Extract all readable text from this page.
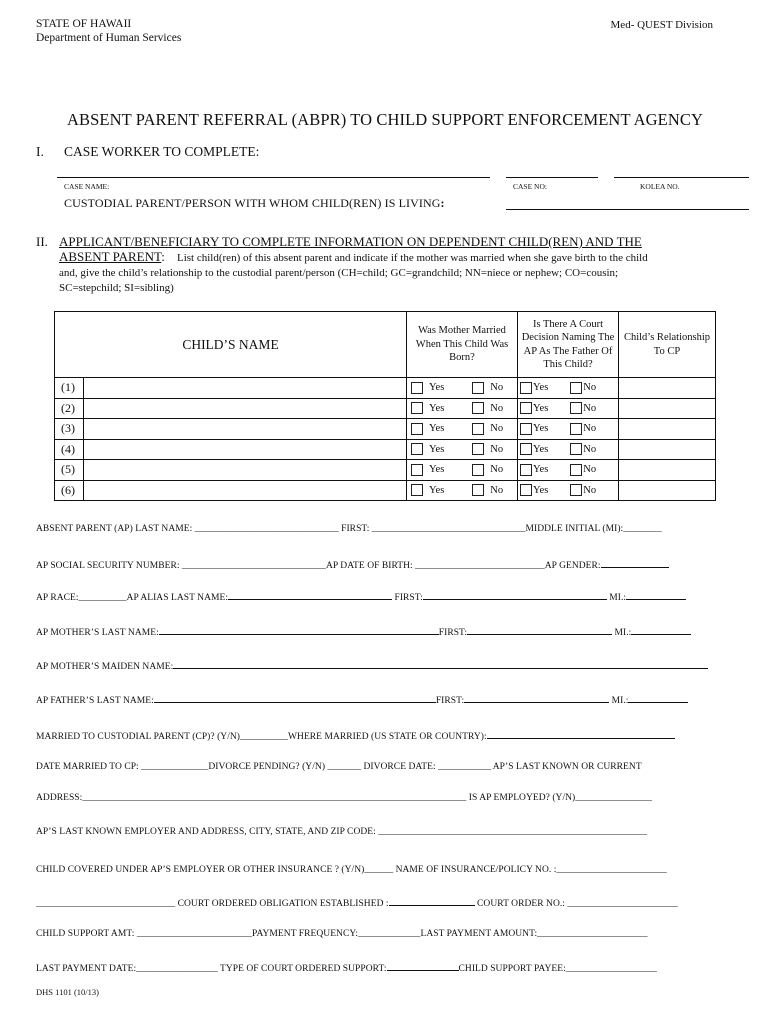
STATE OF HAWAII
Department of Human Services
Med- QUEST Division
ABSENT PARENT REFERRAL (ABPR) TO CHILD SUPPORT ENFORCEMENT AGENCY
I. CASE WORKER TO COMPLETE:
CASE NAME:	CASE NO:	KOLEA NO.
CUSTODIAL PARENT/PERSON WITH WHOM CHILD(REN) IS LIVING:
II. APPLICANT/BENEFICIARY TO COMPLETE INFORMATION ON DEPENDENT CHILD(REN) AND THE
ABSENT PARENT:	List child(ren) of this absent parent and indicate if the mother was married when she gave birth to the child
and, give the child’s relationship to the custodial parent/person (CH=child; GC=grandchild; NN=niece or nephew; CO=cousin;
SC=stepchild; SI=sibling)
CHILD’S NAME		Was Mother Married When This Child Was Born?	Is There A Court Decision Naming The AP As The Father Of This Child?	Child’s Relationship To CP
(1)		Yes No	Yes No	

(2)		Yes No	Yes No	

(3)		Yes No	Yes No	

(4)		Yes No	Yes No	

(5)		Yes No	Yes No	

(6)		Yes No	Yes No	

ABSENT PARENT (AP) LAST NAME: ______________________________ FIRST: ________________________________MIDDLE INITIAL (MI):________
AP SOCIAL SECURITY NUMBER: ______________________________AP DATE OF BIRTH: ___________________________AP GENDER:
AP RACE:__________AP ALIAS LAST NAME:	FIRST:	MI.:
AP MOTHER’S LAST NAME:	FIRST:	MI.:
AP MOTHER’S MAIDEN NAME:
AP FATHER’S LAST NAME:	FIRST:	MI.:
MARRIED TO CUSTODIAL PARENT (CP)? (Y/N)__________WHERE MARRIED (US STATE OR COUNTRY):
DATE MARRIED TO CP: ______________DIVORCE PENDING? (Y/N) _______ DIVORCE DATE: ___________ AP’S LAST KNOWN OR CURRENT
ADDRESS:________________________________________________________________________________ IS AP EMPLOYED? (Y/N)________________
AP’S LAST KNOWN EMPLOYER AND ADDRESS, CITY, STATE, AND ZIP CODE: ________________________________________________________
CHILD COVERED UNDER AP’S EMPLOYER OR OTHER INSURANCE ? (Y/N)______ NAME OF INSURANCE/POLICY NO. :_______________________
_____________________________ COURT ORDERED OBLIGATION ESTABLISHED :	COURT ORDER NO.: _______________________
CHILD SUPPORT AMT: ________________________PAYMENT FREQUENCY:_____________LAST PAYMENT AMOUNT:_______________________
LAST PAYMENT DATE:_________________ TYPE OF COURT ORDERED SUPPORT:	CHILD SUPPORT PAYEE:___________________
DHS 1101 (10/13)
